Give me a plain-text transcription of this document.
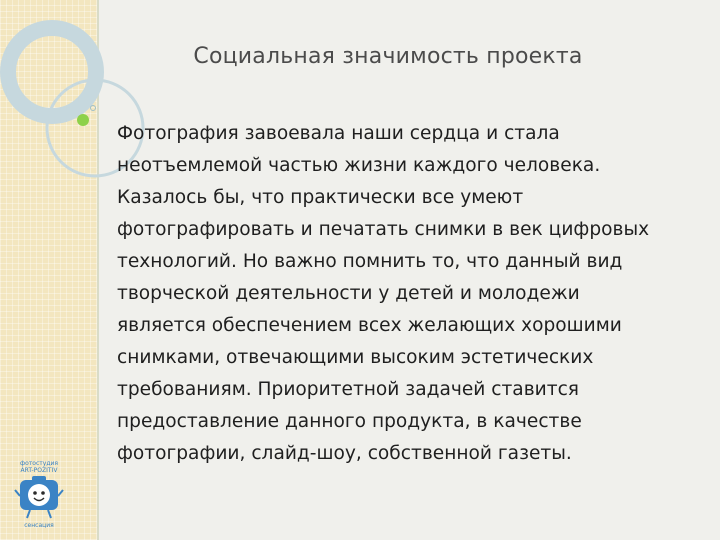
Социальная значимость проекта

Фотография завоевала наши сердца и стала
неотъемлемой частью жизни каждого человека.
Казалось бы, что практически все умеют
фотографировать и печатать снимки в век цифровых
технологий. Но важно помнить то, что данный вид
творческой деятельности у детей и молодежи
является обеспечением всех желающих хорошими
снимками, отвечающими высоким эстетических
требованиям. Приоритетной задачей ставится
предоставление данного продукта, в качестве
фотографии, слайд-шоу, собственной газеты.

фотостудия
ART-POZITIV
сенсация
